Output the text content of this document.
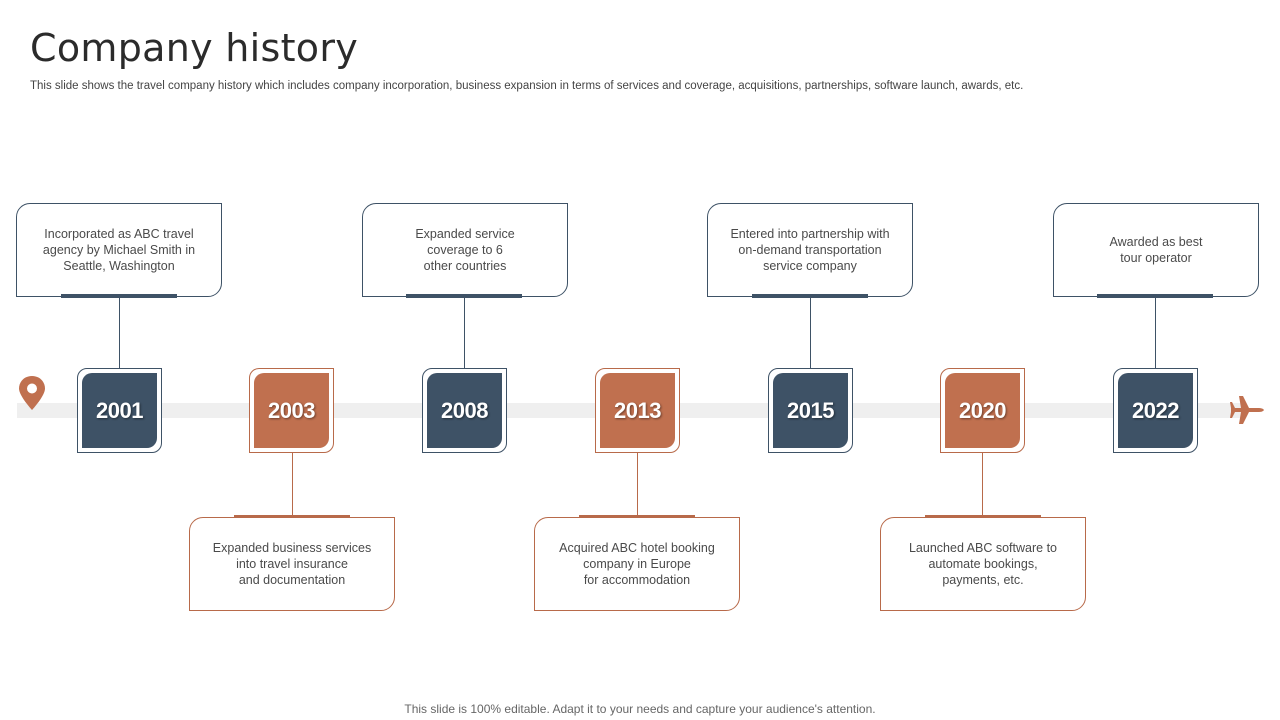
Company history
This slide shows the travel company history which includes company incorporation, business expansion in terms of services and coverage, acquisitions, partnerships, software launch, awards, etc.
Incorporated as ABC travel
agency by Michael Smith in
Seattle, Washington
2001	2003
Expanded business services
into travel insurance
and documentation
Expanded service
coverage to 6
other countries
2008	2013
Acquired ABC hotel booking
company in Europe
for accommodation
Entered into partnership with
on-demand transportation
service company
2015	2020
Launched ABC software to
automate bookings,
payments, etc.
Awarded as best
tour operator
2022
This slide is 100% editable. Adapt it to your needs and capture your audience's attention.
